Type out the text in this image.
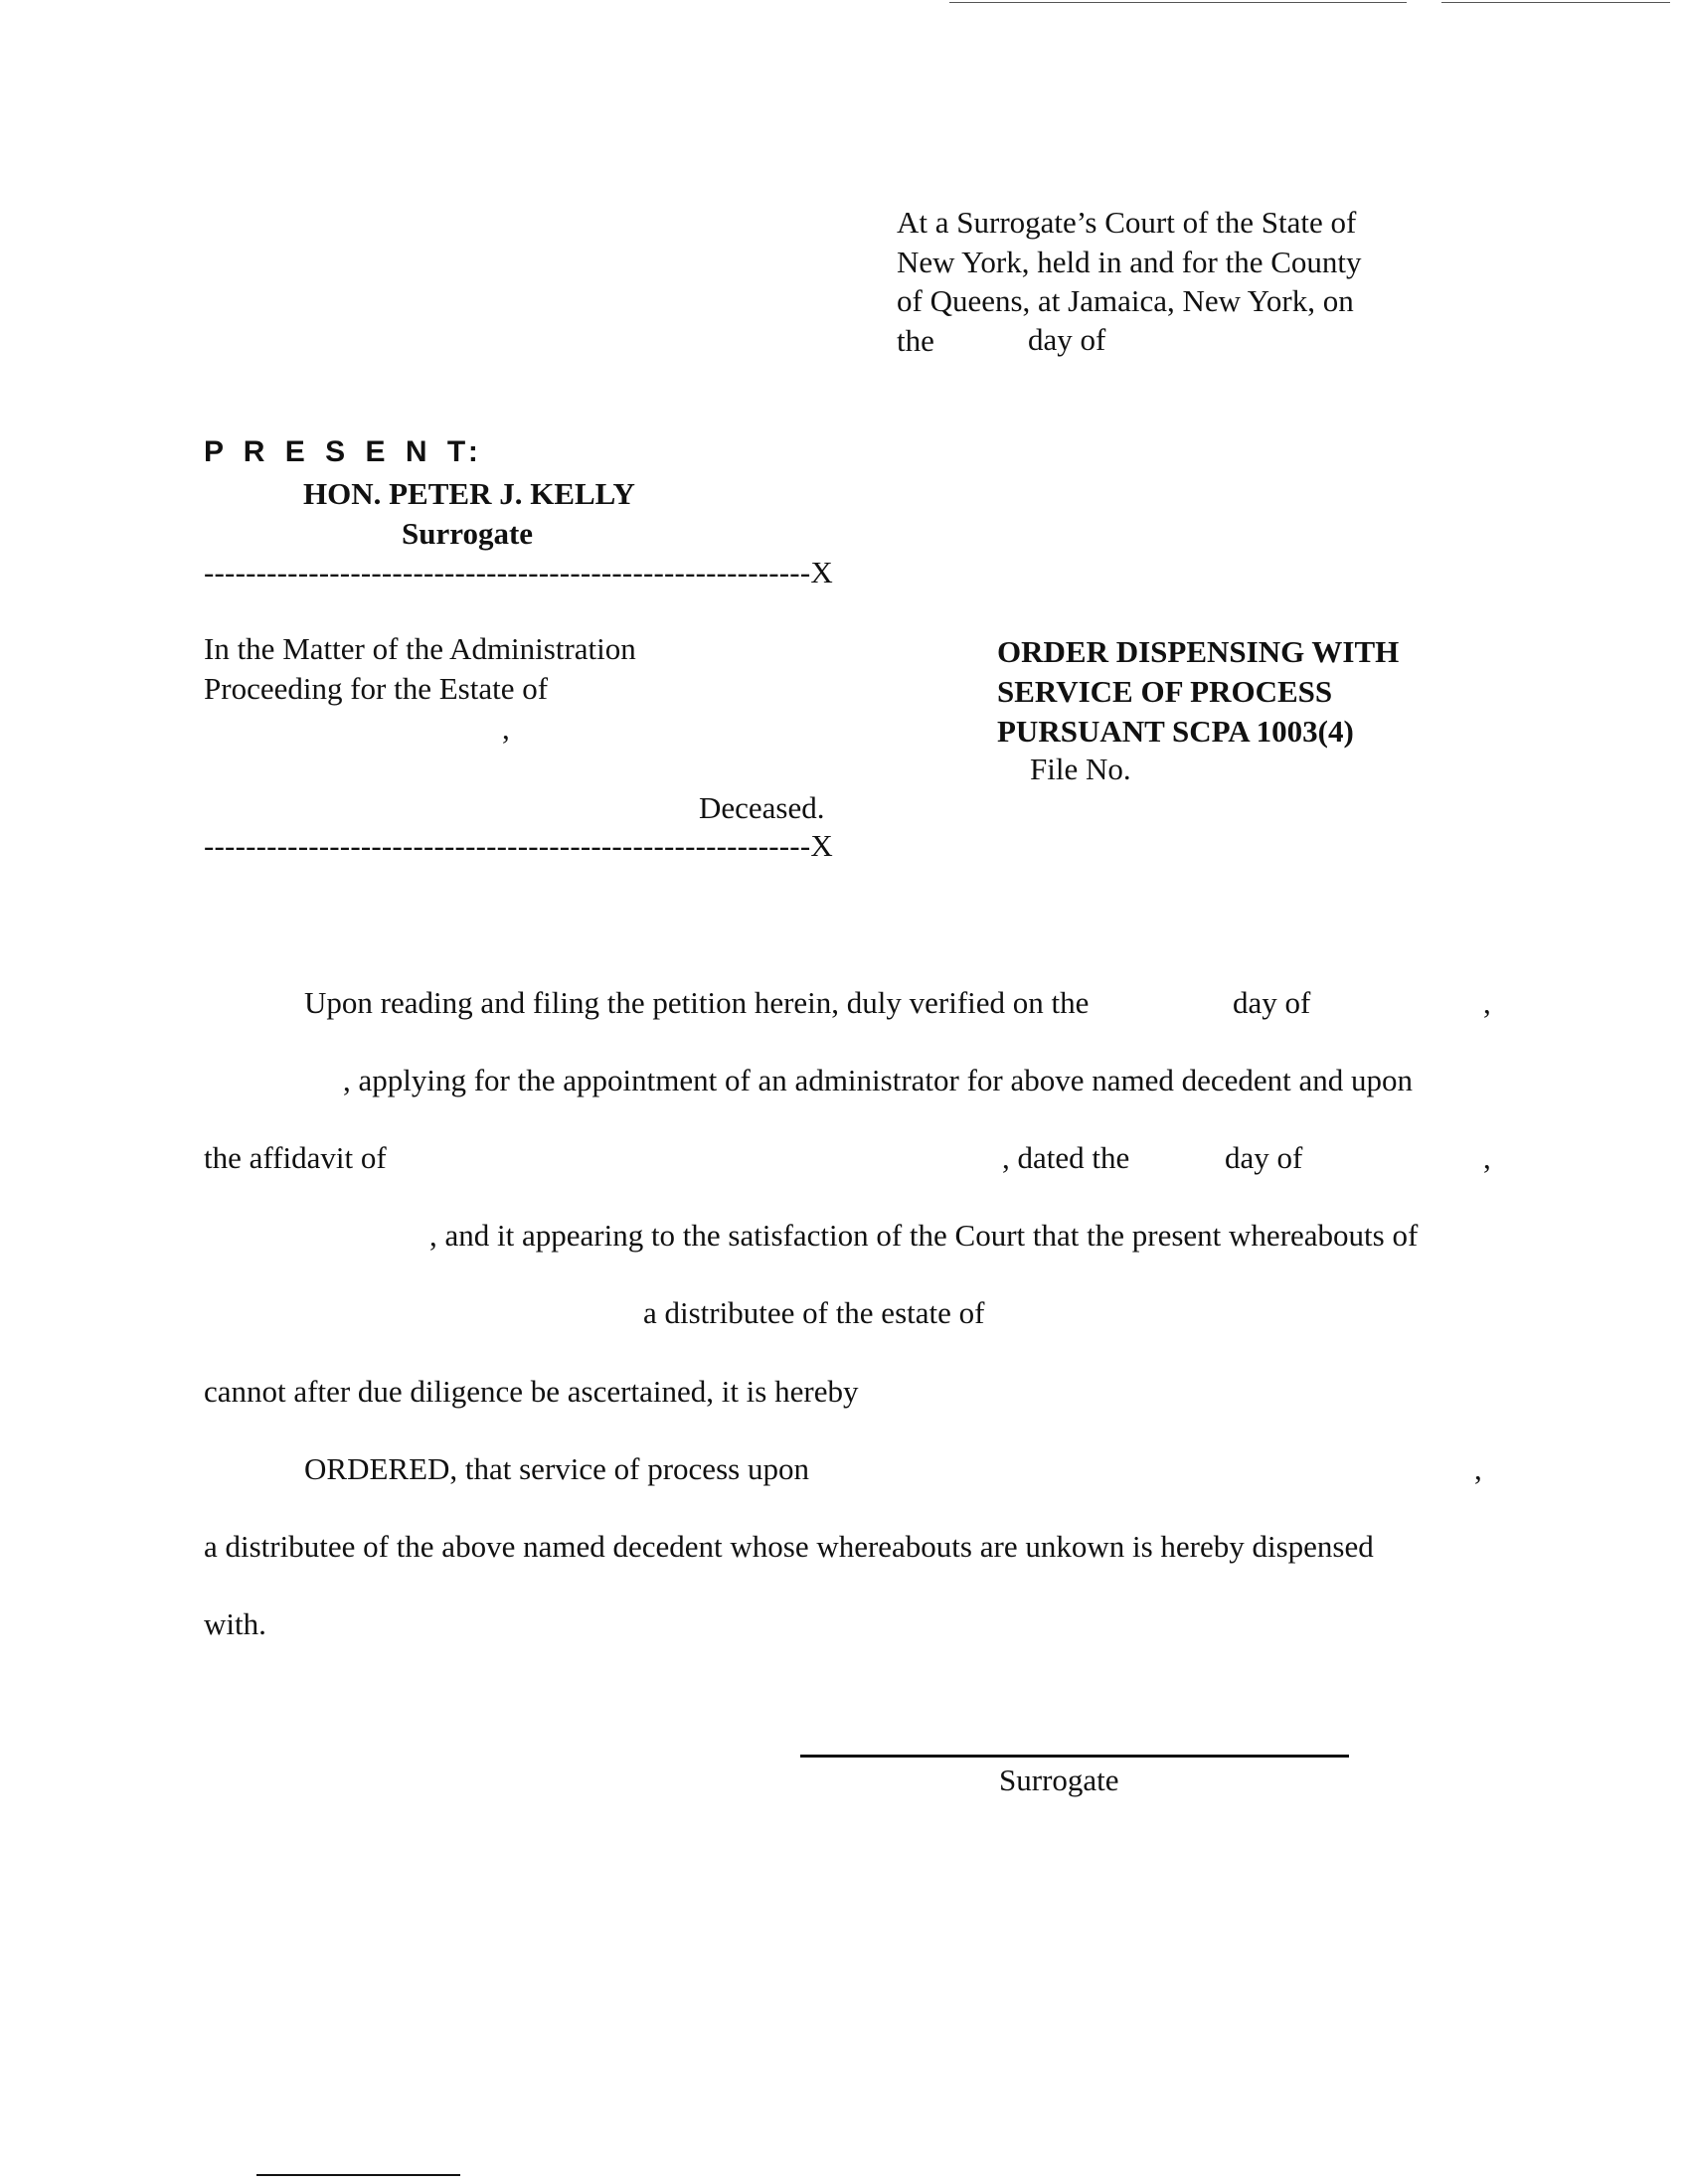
At a Surrogate’s Court of the State of
New York, held in and for the County
of Queens, at Jamaica, New York, on
the	day of
P R E S E N T:
HON. PETER J. KELLY
Surrogate
----------------------------------------------------------X
In the Matter of the Administration
Proceeding for the Estate of
,
Deceased.
----------------------------------------------------------X
ORDER DISPENSING WITH
SERVICE OF PROCESS
PURSUANT SCPA 1003(4)
File No.
Upon reading and filing the petition herein, duly verified on the	day of	,
, applying for the appointment of an administrator for above named decedent and upon
the affidavit of	, dated the	day of	,
, and it appearing to the satisfaction of the Court that the present whereabouts of
a distributee of the estate of
cannot after due diligence be ascertained, it is hereby
ORDERED, that service of process upon	,
a distributee of the above named decedent whose whereabouts are unkown is hereby dispensed
with.
Surrogate
